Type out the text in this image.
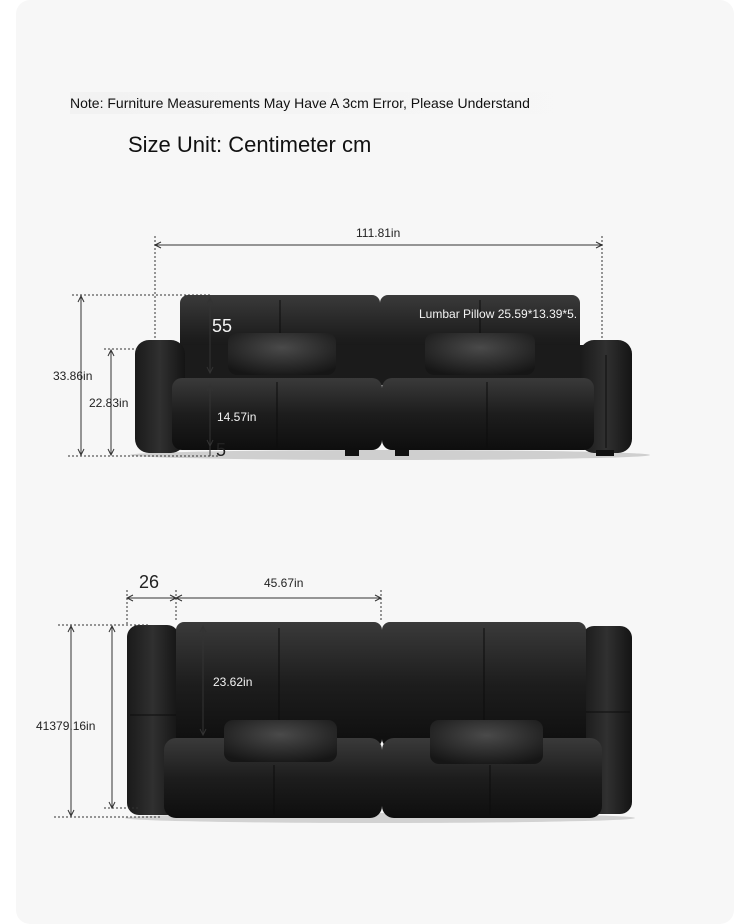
Note: Furniture Measurements May Have A 3cm Error, Please Understand
Size Unit: Centimeter cm
111.81in
33.86in
22.83in
55
14.57in
5
Lumbar Pillow 25.59*13.39*5.
26	45.67in
23.62in
41379.16in
